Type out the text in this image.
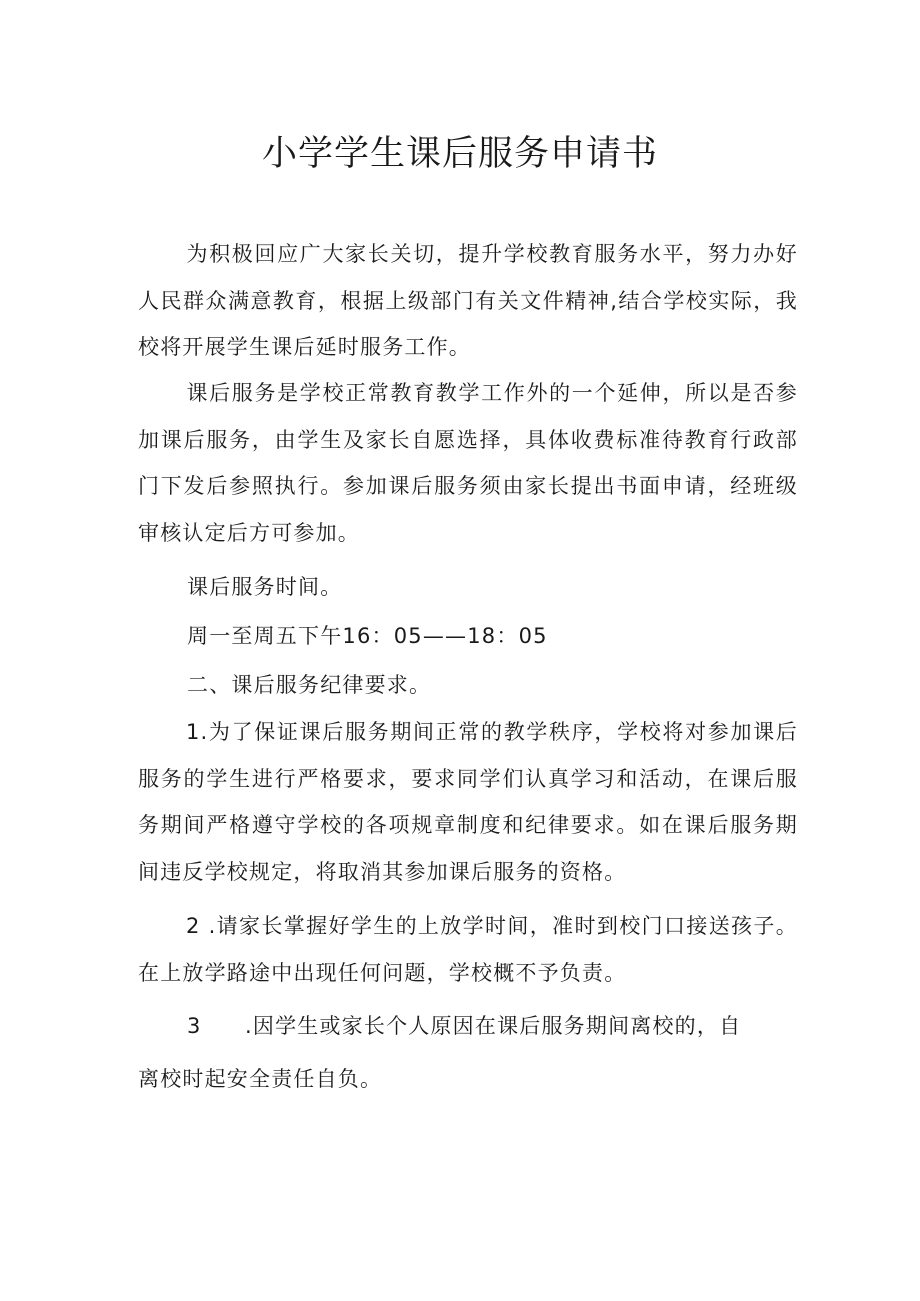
小学学生课后服务申请书

为积极回应广大家长关切，提升学校教育服务水平，努力办好人民群众满意教育，根据上级部门有关文件精神,结合学校实际，我校将开展学生课后延时服务工作。

课后服务是学校正常教育教学工作外的一个延伸，所以是否参加课后服务，由学生及家长自愿选择，具体收费标准待教育行政部门下发后参照执行。参加课后服务须由家长提出书面申请，经班级审核认定后方可参加。

课后服务时间。
周一至周五下午16：05——18：05
二、课后服务纪律要求。

1.为了保证课后服务期间正常的教学秩序，学校将对参加课后服务的学生进行严格要求，要求同学们认真学习和活动，在课后服务期间严格遵守学校的各项规章制度和纪律要求。如在课后服务期间违反学校规定，将取消其参加课后服务的资格。

2 .请家长掌握好学生的上放学时间，准时到校门口接送孩子。在上放学路途中出现任何问题，学校概不予负责。

3 .因学生或家长个人原因在课后服务期间离校的，自
离校时起安全责任自负。
